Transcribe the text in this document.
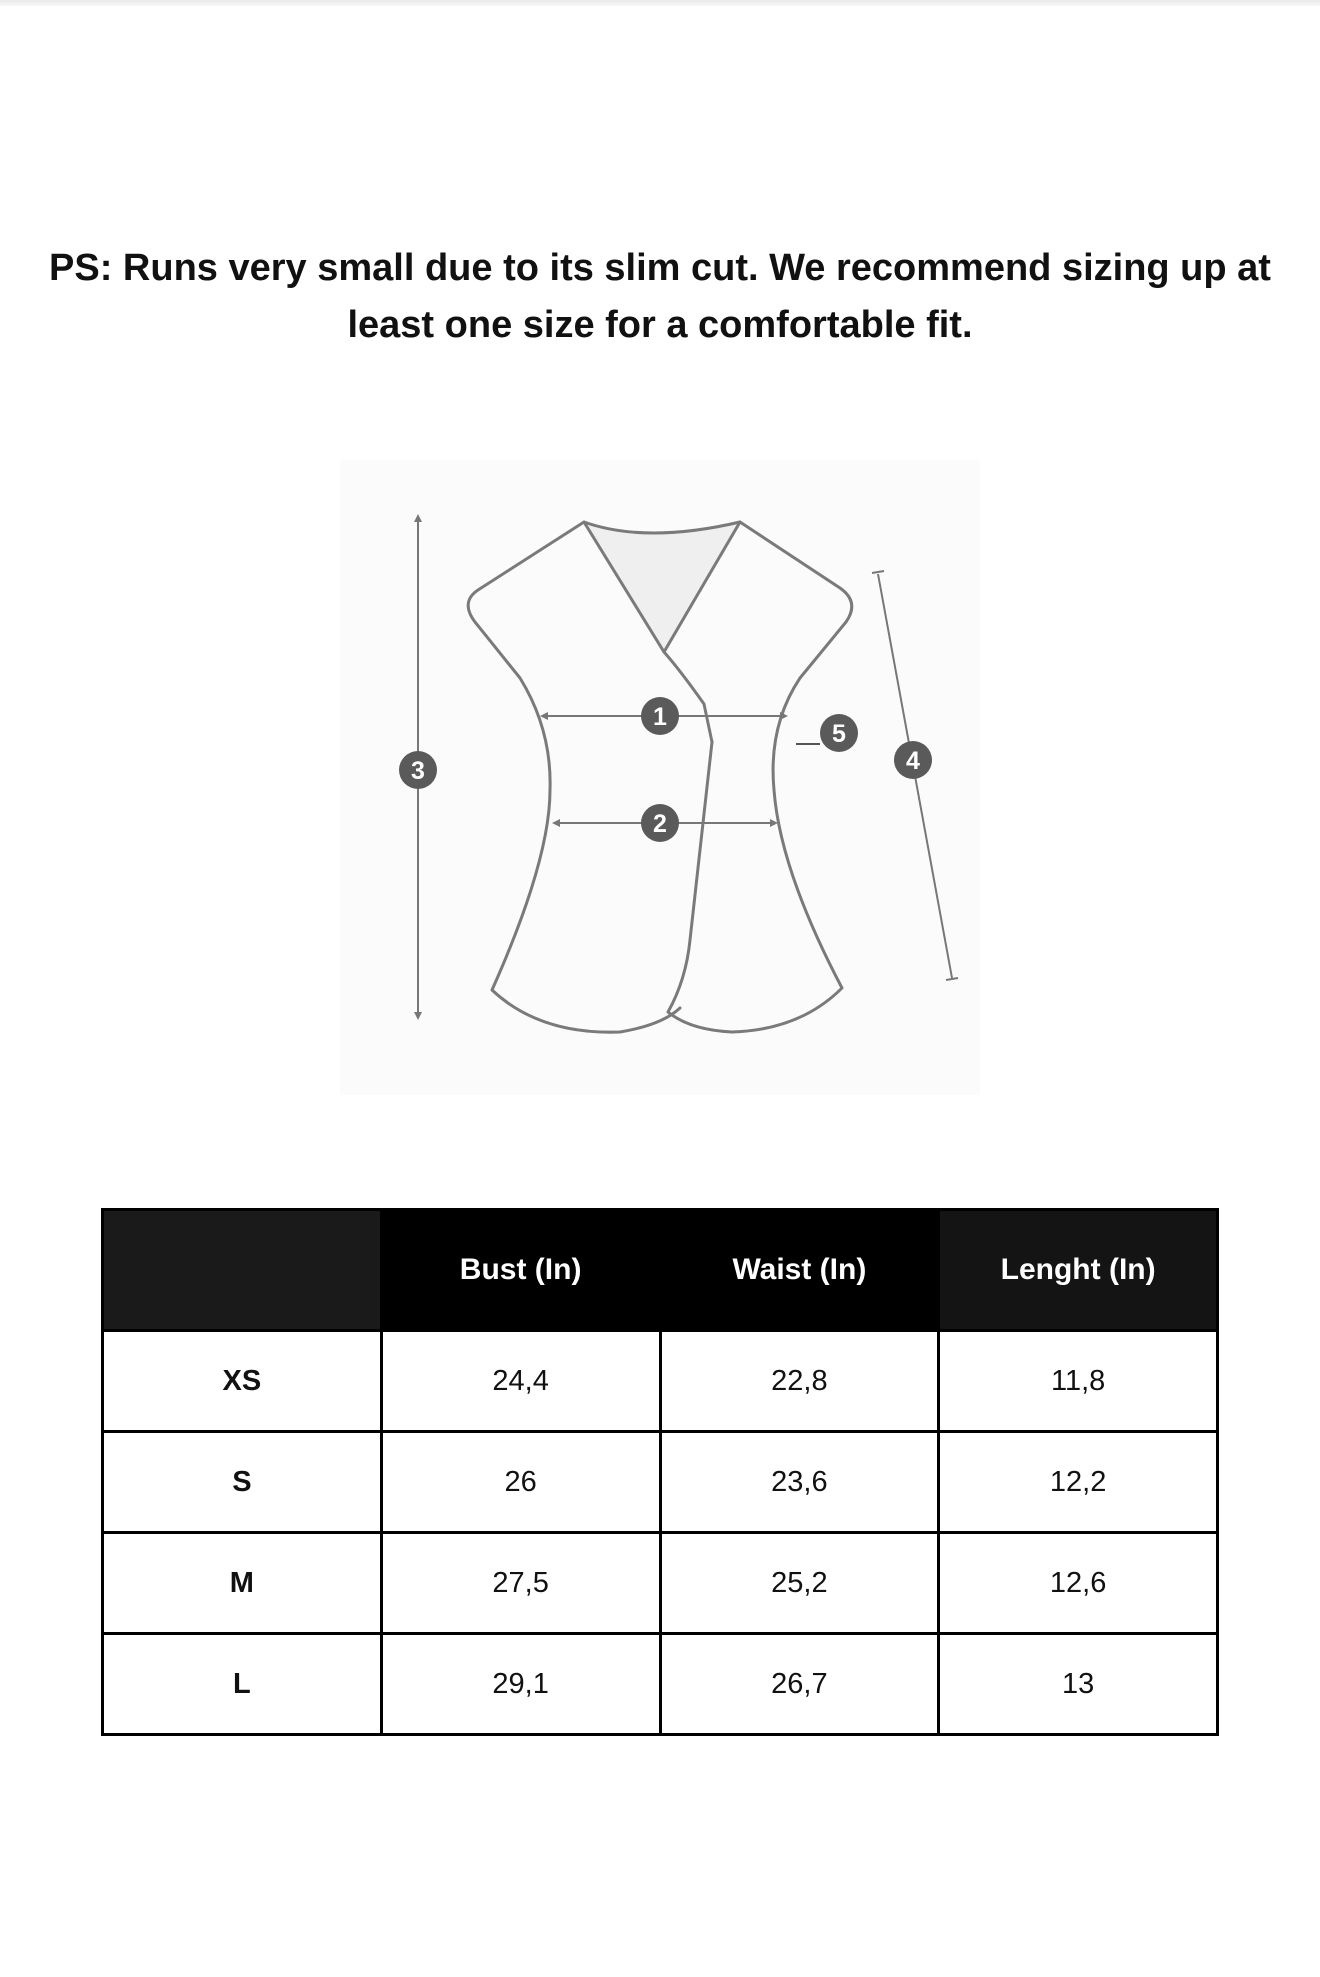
PS: Runs very small due to its slim cut. We recommend sizing up at
least one size for a comfortable fit.

1
2
3	4
5
	Bust (In)	Waist (In)	Lenght (In)
XS	24,4	22,8	11,8
S	26	23,6	12,2
M	27,5	25,2	12,6
L	29,1	26,7	13
